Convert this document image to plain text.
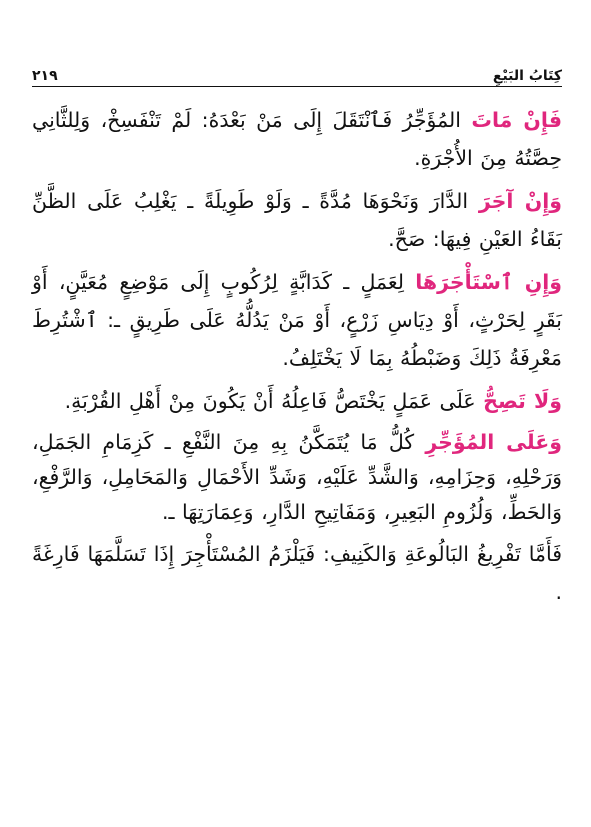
كِتَابُ البَيْعِ
٢١٩

فَإِنْ مَاتَ المُؤَجِّرُ فَٱنْتَقَلَ إِلَى مَنْ بَعْدَهُ: لَمْ تَنْفَسِخْ، وَلِلثَّانِي حِصَّتُهُ مِنَ الأُجْرَةِ.

وَإِنْ آجَرَ الدَّارَ وَنَحْوَهَا مُدَّةً ـ وَلَوْ طَوِيلَةً ـ يَغْلِبُ عَلَى الظَّنِّ بَقَاءُ العَيْنِ فِيهَا: صَحَّ.

وَإِنِ ٱسْتَأْجَرَهَا لِعَمَلٍ ـ كَدَابَّةٍ لِرُكُوبٍ إِلَى مَوْضِعٍ مُعَيَّنٍ، أَوْ بَقَرٍ لِحَرْثٍ، أَوْ دِيَاسِ زَرْعٍ، أَوْ مَنْ يَدُلُّهُ عَلَى طَرِيقٍ ـ: ٱشْتُرِطَ مَعْرِفَةُ ذَلِكَ وَضَبْطُهُ بِمَا لَا يَخْتَلِفُ.

وَلَا تَصِحُّ عَلَى عَمَلٍ يَخْتَصُّ فَاعِلُهُ أَنْ يَكُونَ مِنْ أَهْلِ القُرْبَةِ.

وَعَلَى المُؤَجِّرِ كُلُّ مَا يُتَمَكَّنُ بِهِ مِنَ النَّفْعِ ـ كَزِمَامِ الجَمَلِ، وَرَحْلِهِ، وَحِزَامِهِ، وَالشَّدِّ عَلَيْهِ، وَشَدِّ الأَحْمَالِ وَالمَحَامِلِ، وَالرَّفْعِ، وَالحَطِّ، وَلُزُومِ البَعِيرِ، وَمَفَاتِيحِ الدَّارِ، وَعِمَارَتِهَا ـ.

فَأَمَّا تَفْرِيغُ البَالُوعَةِ وَالكَنِيفِ: فَيَلْزَمُ المُسْتَأْجِرَ إِذَا تَسَلَّمَهَا فَارِغَةً .
